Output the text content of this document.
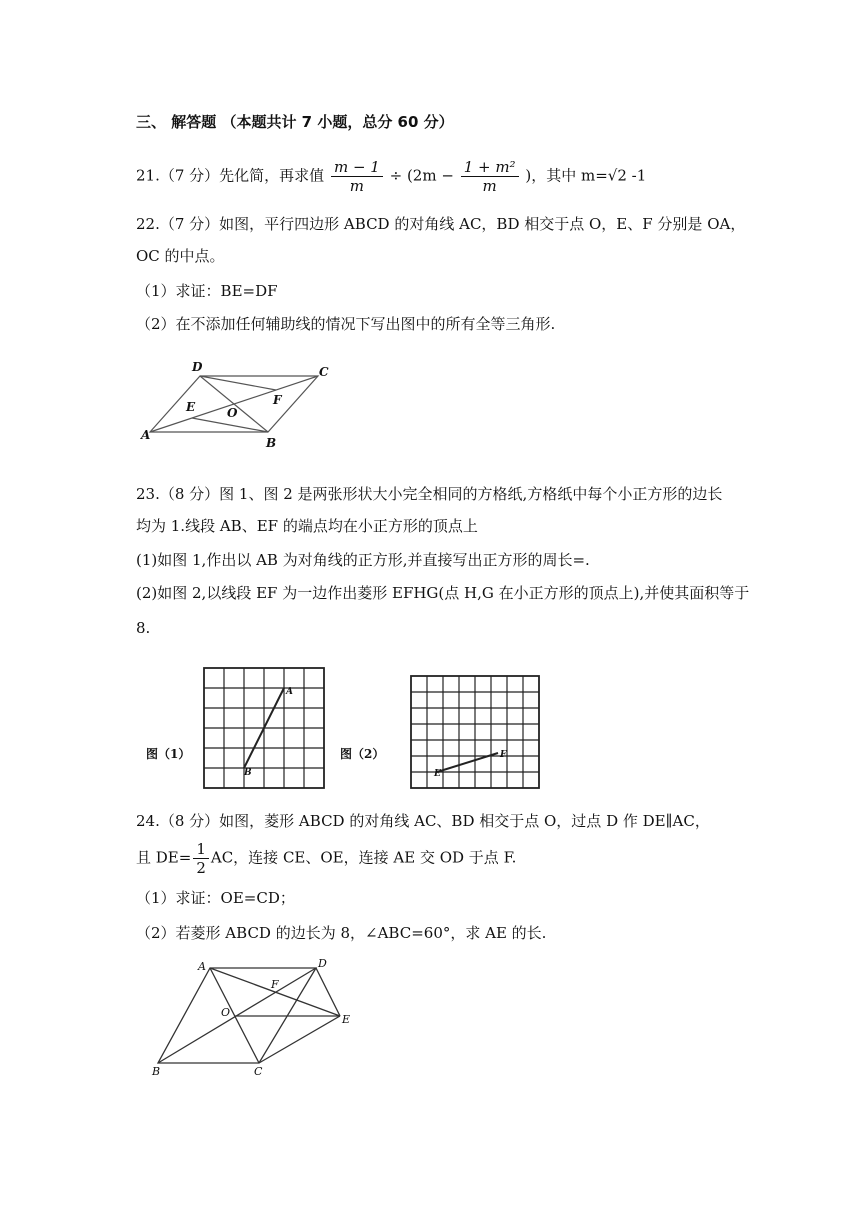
三、 解答题 （本题共计 7 小题，总分 60 分）
21.（7 分）先化简，再求值 $\frac{m - 1}{m} \div (2m - \frac{\text{1 + m²}}{m}$ )，其中 m=√2 -1
22.（7 分）如图，平行四边形 ABCD 的对角线 AC，BD 相交于点 O，E、F 分别是 OA，
OC 的中点。
（1）求证：BE=DF
（2）在不添加任何辅助线的情况下写出图中的所有全等三角形.
D	C
A
B
E	O
F
23.（8 分）图 1、图 2 是两张形状大小完全相同的方格纸,方格纸中每个小正方形的边长
均为 1.线段 AB、EF 的端点均在小正方形的顶点上
(1)如图 1,作出以 AB 为对角线的正方形,并直接写出正方形的周长=.
(2)如图 2,以线段 EF 为一边作出菱形 EFHG(点 H,G 在小正方形的顶点上),并使其面积等于
8.
图（1）	图（2）
A
B	E
F
24.（8 分）如图，菱形 ABCD 的对角线 AC、BD 相交于点 O，过点 D 作 DE∥AC，
且 $DE= \frac{1}{2}$ AC，连接 CE、OE，连接 AE 交 OD 于点 F.
（1）求证：OE=CD；
（2）若菱形 ABCD 的边长为 8，∠ABC=60°，求 AE 的长.
A	D
F
O
E
B	C
